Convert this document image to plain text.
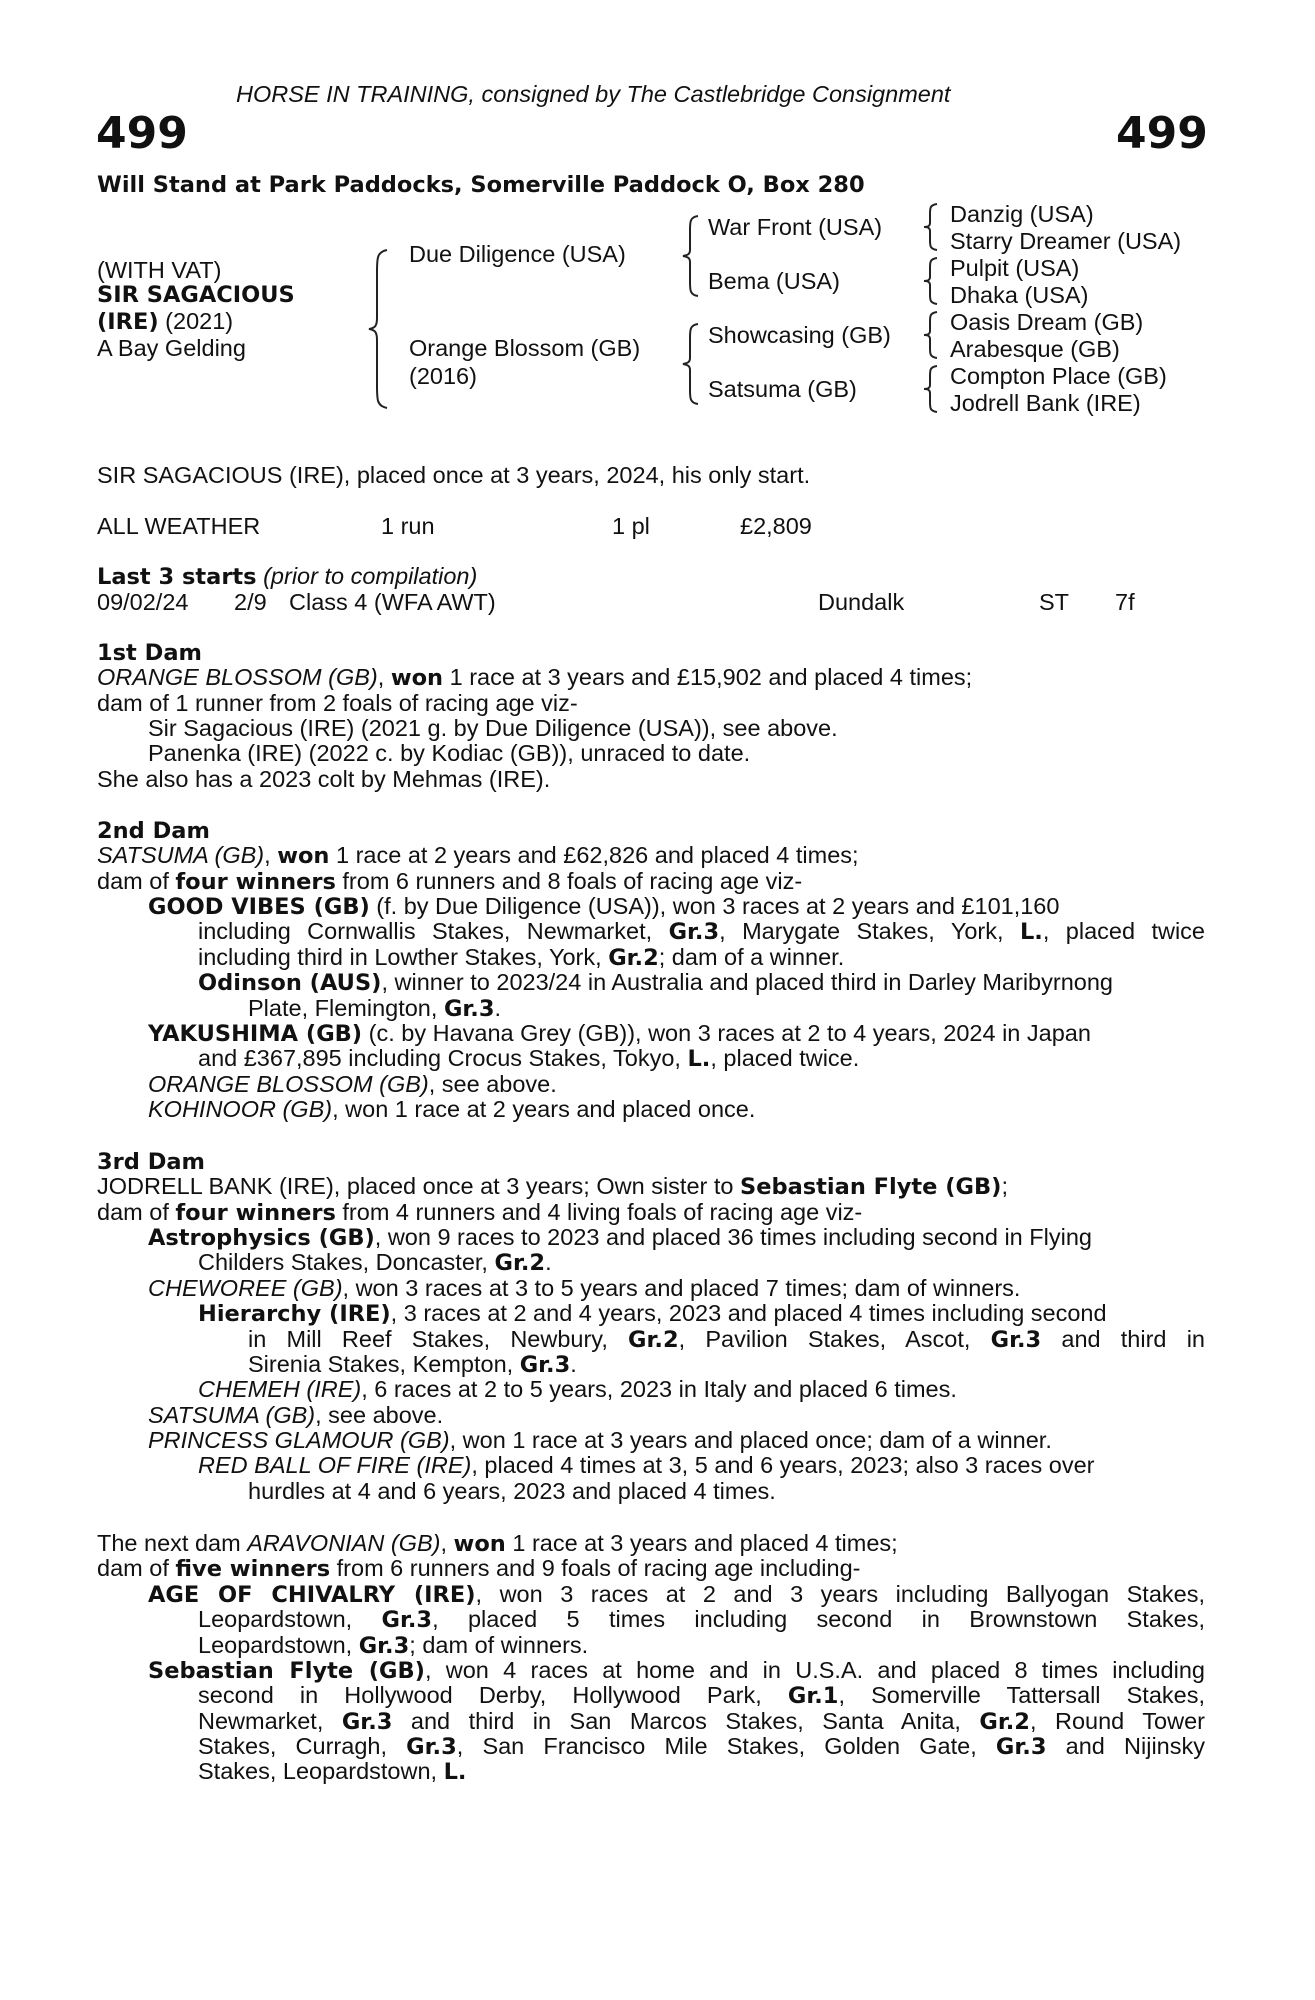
HORSE IN TRAINING, consigned by The Castlebridge Consignment
499	499
Will Stand at Park Paddocks, Somerville Paddock O, Box 280
(WITH VAT)
SIR SAGACIOUS
(IRE) (2021)
A Bay Gelding
Due Diligence (USA)
Orange Blossom (GB)
(2016)
War Front (USA)
Bema (USA)
Showcasing (GB)
Satsuma (GB)
Danzig (USA)
Starry Dreamer (USA)
Pulpit (USA)
Dhaka (USA)
Oasis Dream (GB)
Arabesque (GB)
Compton Place (GB)
Jodrell Bank (IRE)
SIR SAGACIOUS (IRE), placed once at 3 years, 2024, his only start.
ALL WEATHER	1 run	1 pl	£2,809
Last 3 starts (prior to compilation)
09/02/24 2/9 Class 4 (WFA AWT)	Dundalk	ST 7f
1st Dam
ORANGE BLOSSOM (GB), won 1 race at 3 years and £15,902 and placed 4 times;
dam of 1 runner from 2 foals of racing age viz-
Sir Sagacious (IRE) (2021 g. by Due Diligence (USA)), see above.
Panenka (IRE) (2022 c. by Kodiac (GB)), unraced to date.
She also has a 2023 colt by Mehmas (IRE).
2nd Dam
SATSUMA (GB), won 1 race at 2 years and £62,826 and placed 4 times;
dam of four winners from 6 runners and 8 foals of racing age viz-
GOOD VIBES (GB) (f. by Due Diligence (USA)), won 3 races at 2 years and £101,160
including Cornwallis Stakes, Newmarket, Gr.3, Marygate Stakes, York, L., placed twice
including third in Lowther Stakes, York, Gr.2; dam of a winner.
Odinson (AUS), winner to 2023/24 in Australia and placed third in Darley Maribyrnong
Plate, Flemington, Gr.3.
YAKUSHIMA (GB) (c. by Havana Grey (GB)), won 3 races at 2 to 4 years, 2024 in Japan
and £367,895 including Crocus Stakes, Tokyo, L., placed twice.
ORANGE BLOSSOM (GB), see above.
KOHINOOR (GB), won 1 race at 2 years and placed once.
3rd Dam
JODRELL BANK (IRE), placed once at 3 years; Own sister to Sebastian Flyte (GB);
dam of four winners from 4 runners and 4 living foals of racing age viz-
Astrophysics (GB), won 9 races to 2023 and placed 36 times including second in Flying
Childers Stakes, Doncaster, Gr.2.
CHEWOREE (GB), won 3 races at 3 to 5 years and placed 7 times; dam of winners.
Hierarchy (IRE), 3 races at 2 and 4 years, 2023 and placed 4 times including second
in Mill Reef Stakes, Newbury, Gr.2, Pavilion Stakes, Ascot, Gr.3 and third in
Sirenia Stakes, Kempton, Gr.3.
CHEMEH (IRE), 6 races at 2 to 5 years, 2023 in Italy and placed 6 times.
SATSUMA (GB), see above.
PRINCESS GLAMOUR (GB), won 1 race at 3 years and placed once; dam of a winner.
RED BALL OF FIRE (IRE), placed 4 times at 3, 5 and 6 years, 2023; also 3 races over
hurdles at 4 and 6 years, 2023 and placed 4 times.
The next dam ARAVONIAN (GB), won 1 race at 3 years and placed 4 times;
dam of five winners from 6 runners and 9 foals of racing age including-
AGE OF CHIVALRY (IRE), won 3 races at 2 and 3 years including Ballyogan Stakes,
Leopardstown, Gr.3, placed 5 times including second in Brownstown Stakes,
Leopardstown, Gr.3; dam of winners.
Sebastian Flyte (GB), won 4 races at home and in U.S.A. and placed 8 times including
second in Hollywood Derby, Hollywood Park, Gr.1, Somerville Tattersall Stakes,
Newmarket, Gr.3 and third in San Marcos Stakes, Santa Anita, Gr.2, Round Tower
Stakes, Curragh, Gr.3, San Francisco Mile Stakes, Golden Gate, Gr.3 and Nijinsky
Stakes, Leopardstown, L.
